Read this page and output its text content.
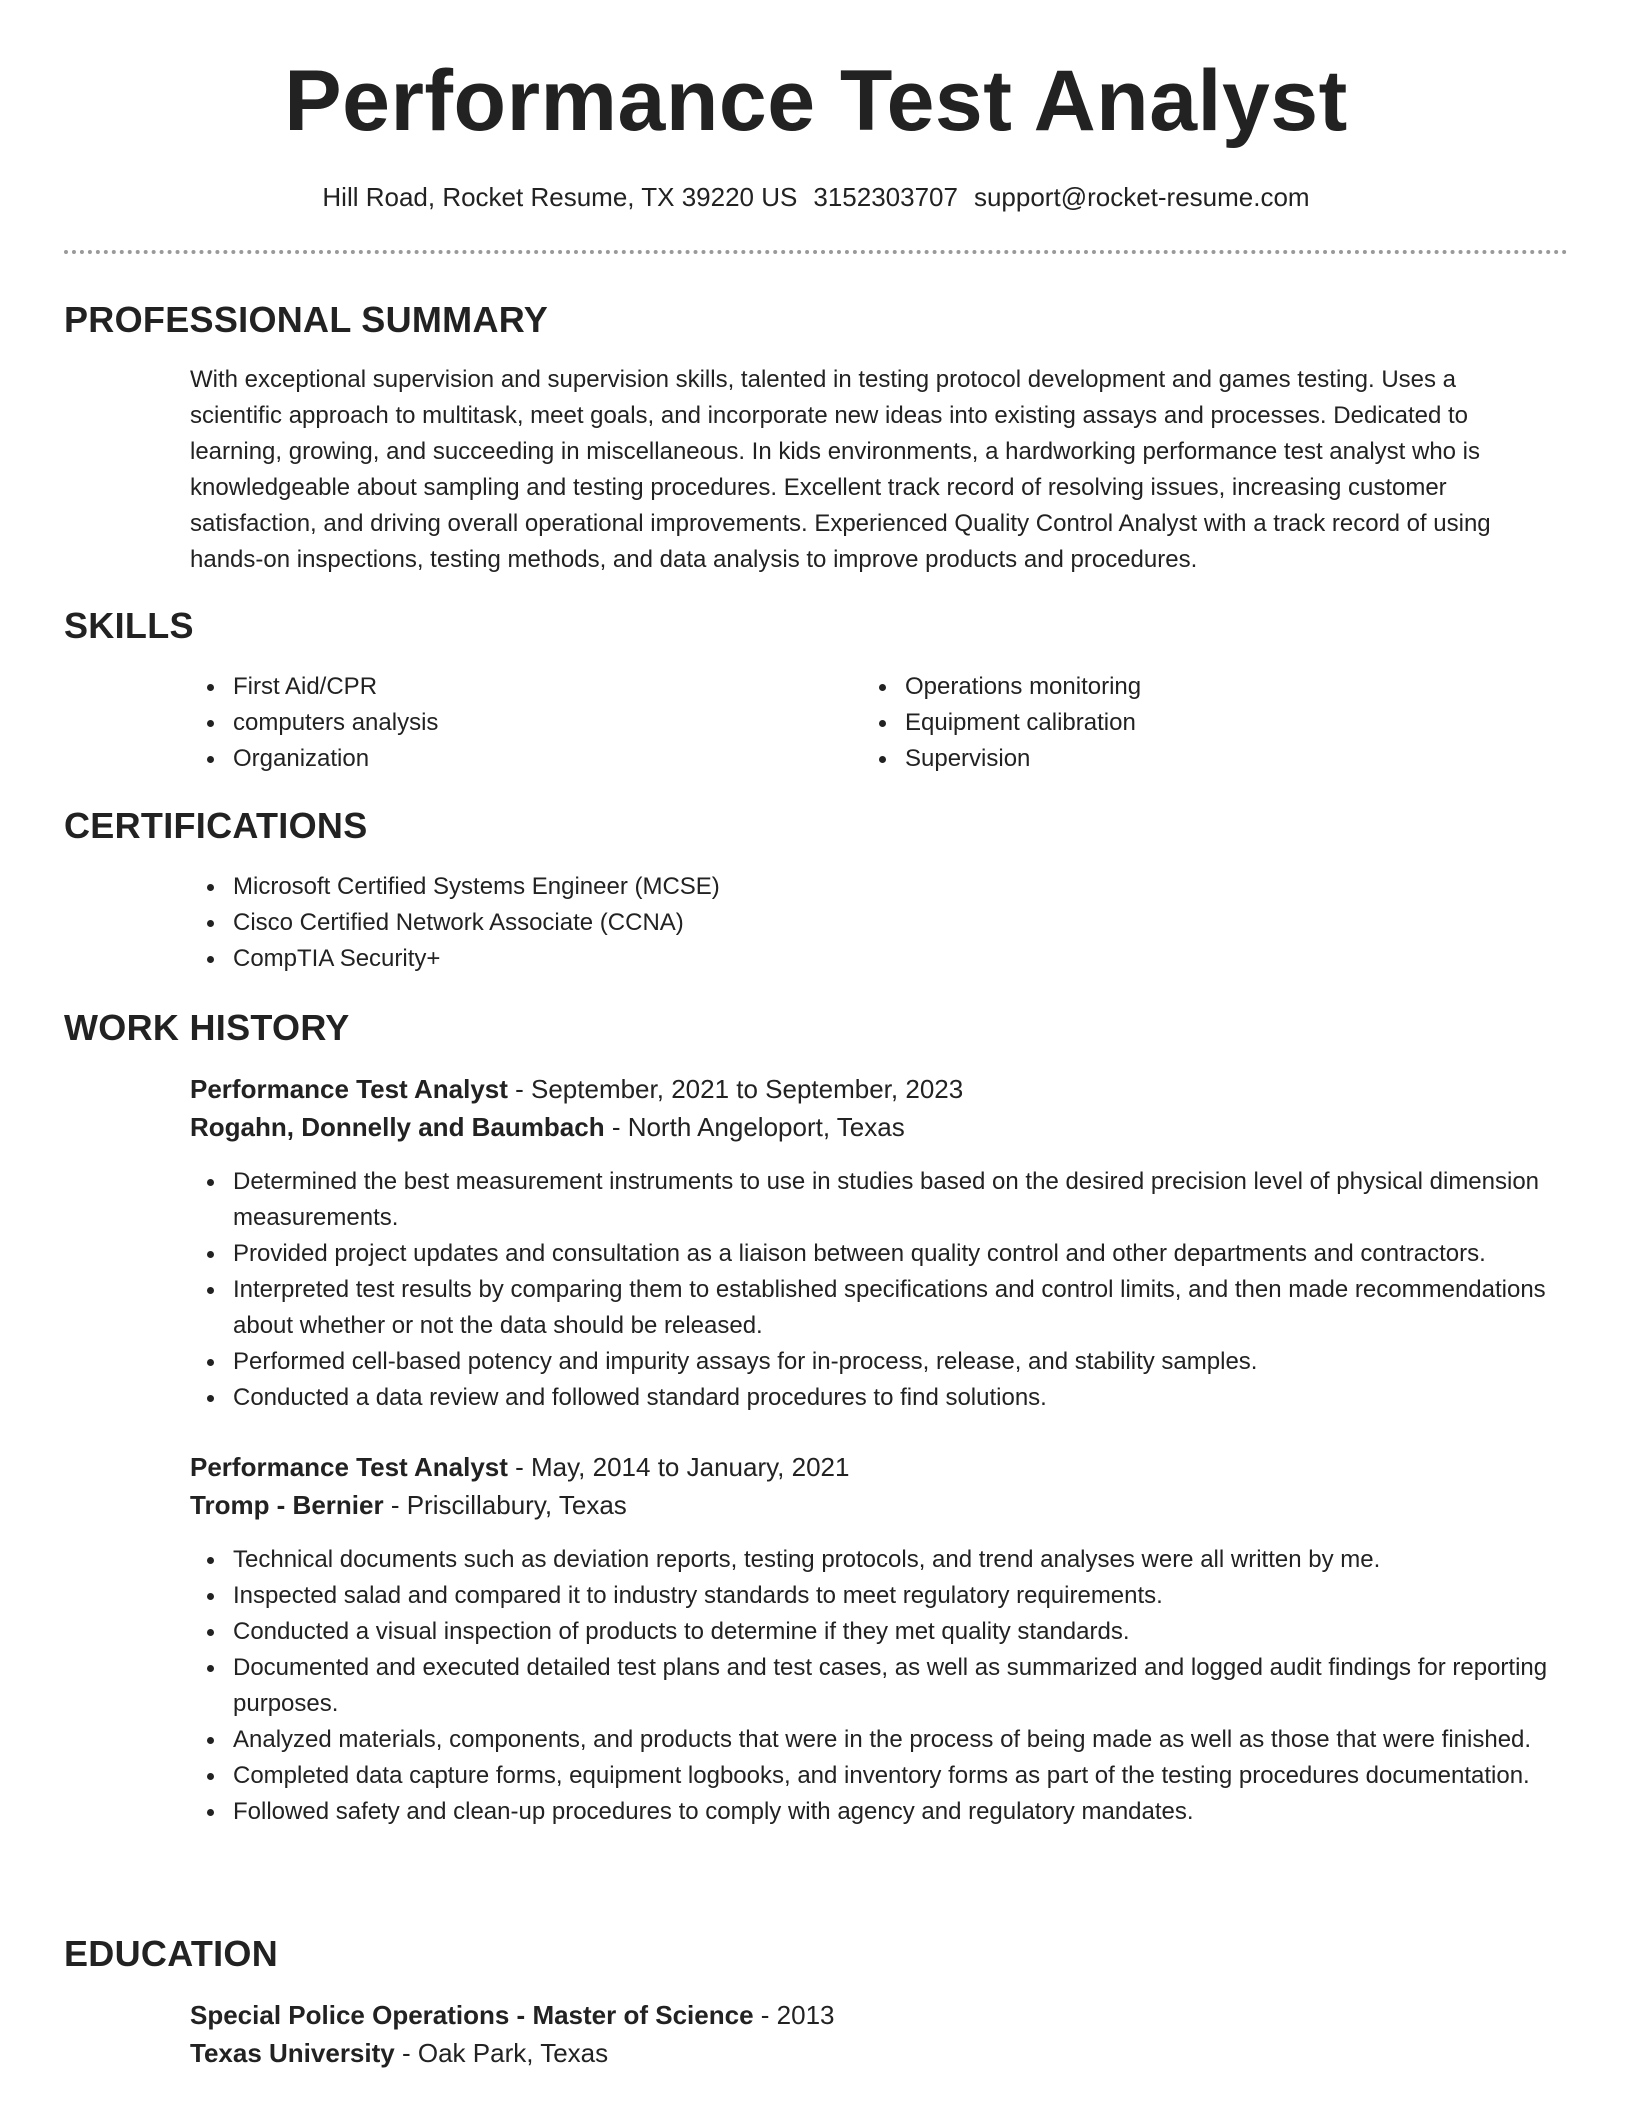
Performance Test Analyst
Hill Road, Rocket Resume, TX 39220 US 3152303707 support@rocket-resume.com
PROFESSIONAL SUMMARY
With exceptional supervision and supervision skills, talented in testing protocol development and games testing. Uses a scientific approach to multitask, meet goals, and incorporate new ideas into existing assays and processes. Dedicated to learning, growing, and succeeding in miscellaneous. In kids environments, a hardworking performance test analyst who is knowledgeable about sampling and testing procedures. Excellent track record of resolving issues, increasing customer satisfaction, and driving overall operational improvements. Experienced Quality Control Analyst with a track record of using hands-on inspections, testing methods, and data analysis to improve products and procedures.
SKILLS
First Aid/CPR
computers analysis
Organization
Operations monitoring
Equipment calibration
Supervision
CERTIFICATIONS
Microsoft Certified Systems Engineer (MCSE)
Cisco Certified Network Associate (CCNA)
CompTIA Security+
WORK HISTORY
Performance Test Analyst - September, 2021 to September, 2023
Rogahn, Donnelly and Baumbach - North Angeloport, Texas
Determined the best measurement instruments to use in studies based on the desired precision level of physical dimension measurements.
Provided project updates and consultation as a liaison between quality control and other departments and contractors.
Interpreted test results by comparing them to established specifications and control limits, and then made recommendations about whether or not the data should be released.
Performed cell-based potency and impurity assays for in-process, release, and stability samples.
Conducted a data review and followed standard procedures to find solutions.
Performance Test Analyst - May, 2014 to January, 2021
Tromp - Bernier - Priscillabury, Texas
Technical documents such as deviation reports, testing protocols, and trend analyses were all written by me.
Inspected salad and compared it to industry standards to meet regulatory requirements.
Conducted a visual inspection of products to determine if they met quality standards.
Documented and executed detailed test plans and test cases, as well as summarized and logged audit findings for reporting purposes.
Analyzed materials, components, and products that were in the process of being made as well as those that were finished.
Completed data capture forms, equipment logbooks, and inventory forms as part of the testing procedures documentation.
Followed safety and clean-up procedures to comply with agency and regulatory mandates.
EDUCATION
Special Police Operations - Master of Science - 2013
Texas University - Oak Park, Texas
